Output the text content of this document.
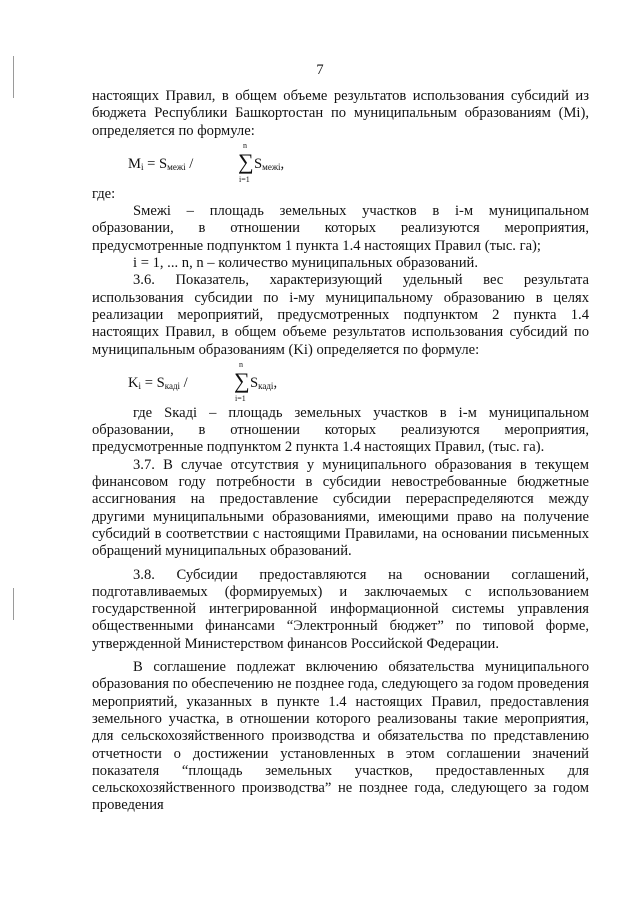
7

настоящих Правил, в общем объеме результатов использования субсидий из бюджета Республики Башкортостан по муниципальным образованиям (Mi), определяется по формуле:

$M_i = S_{межі}$ /
n
∑
i=1
$S_{межі}$,

где:

Sмежі – площадь земельных участков в i-м муниципальном образовании, в отношении которых реализуются мероприятия, предусмотренные подпунктом 1 пункта 1.4 настоящих Правил (тыс. га);

i = 1, ... n, n – количество муниципальных образований.

3.6. Показатель, характеризующий удельный вес результата использования субсидии по i-му муниципальному образованию в целях реализации мероприятий, предусмотренных подпунктом 2 пункта 1.4 настоящих Правил, в общем объеме результатов использования субсидий по муниципальным образованиям (Ki) определяется по формуле:

$K_i = S_{кадi}$ /
n
∑
i=1
$S_{кадi}$,

где Sкадi – площадь земельных участков в i-м муниципальном образовании, в отношении которых реализуются мероприятия, предусмотренные подпунктом 2 пункта 1.4 настоящих Правил, (тыс. га).

3.7. В случае отсутствия у муниципального образования в текущем финансовом году потребности в субсидии невостребованные бюджетные ассигнования на предоставление субсидии перераспределяются между другими муниципальными образованиями, имеющими право на получение субсидий в соответствии с настоящими Правилами, на основании письменных обращений муниципальных образований.

3.8. Субсидии предоставляются на основании соглашений, подготавливаемых (формируемых) и заключаемых с использованием государственной интегрированной информационной системы управления общественными финансами “Электронный бюджет” по типовой форме, утвержденной Министерством финансов Российской Федерации.

В соглашение подлежат включению обязательства муниципального образования по обеспечению не позднее года, следующего за годом проведения мероприятий, указанных в пункте 1.4 настоящих Правил, предоставления земельного участка, в отношении которого реализованы такие мероприятия, для сельскохозяйственного производства и обязательства по представлению отчетности о достижении установленных в этом соглашении значений показателя “площадь земельных участков, предоставленных для сельскохозяйственного производства” не позднее года, следующего за годом проведения
